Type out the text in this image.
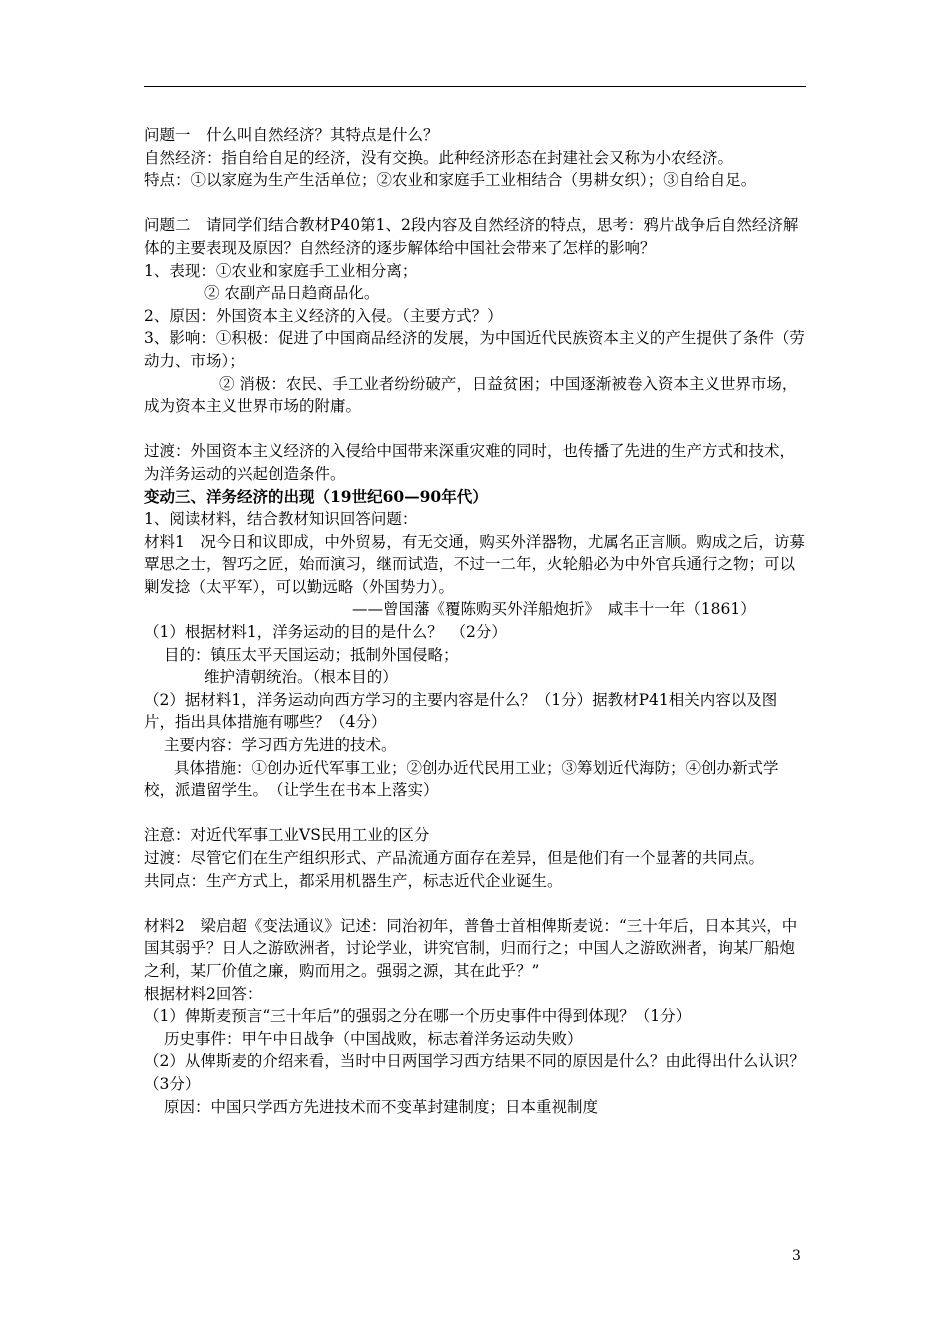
问题一　什么叫自然经济？其特点是什么？

自然经济：指自给自足的经济，没有交换。此种经济形态在封建社会又称为小农经济。

特点：①以家庭为生产生活单位；②农业和家庭手工业相结合（男耕女织）；③自给自足。

问题二　请同学们结合教材P40第1、2段内容及自然经济的特点，思考：鸦片战争后自然经济解体的主要表现及原因？自然经济的逐步解体给中国社会带来了怎样的影响？

1、表现：①农业和家庭手工业相分离；

② 农副产品日趋商品化。

2、原因：外国资本主义经济的入侵。（主要方式？）

3、影响：①积极：促进了中国商品经济的发展，为中国近代民族资本主义的产生提供了条件（劳动力、市场）；

② 消极：农民、手工业者纷纷破产，日益贫困；中国逐渐被卷入资本主义世界市场，成为资本主义世界市场的附庸。

过渡：外国资本主义经济的入侵给中国带来深重灾难的同时，也传播了先进的生产方式和技术，为洋务运动的兴起创造条件。

变动三、洋务经济的出现（19世纪60—90年代）

1、阅读材料，结合教材知识回答问题：

材料1　况今日和议即成，中外贸易，有无交通，购买外洋器物，尤属名正言顺。购成之后，访募覃思之士，智巧之匠，始而演习，继而试造，不过一二年，火轮船必为中外官兵通行之物；可以剿发捻（太平军），可以勤远略（外国势力）。

——曾国藩《覆陈购买外洋船炮折》　咸丰十一年（1861）

（1）根据材料1，洋务运动的目的是什么？　（2分）

目的：镇压太平天国运动；抵制外国侵略；

维护清朝统治。（根本目的）

（2）据材料1，洋务运动向西方学习的主要内容是什么？（1分）据教材P41相关内容以及图片，指出具体措施有哪些？（4分）

主要内容：学习西方先进的技术。

具体措施：①创办近代军事工业；②创办近代民用工业；③筹划近代海防；④创办新式学校，派遣留学生。　（让学生在书本上落实）

注意：对近代军事工业VS民用工业的区分

过渡：尽管它们在生产组织形式、产品流通方面存在差异，但是他们有一个显著的共同点。

共同点：生产方式上，都采用机器生产，标志近代企业诞生。

材料2　梁启超《变法通议》记述：同治初年，普鲁士首相俾斯麦说：“三十年后，日本其兴，中国其弱乎？日人之游欧洲者，讨论学业，讲究官制，归而行之；中国人之游欧洲者，询某厂船炮之利，某厂价值之廉，购而用之。强弱之源，其在此乎？”

根据材料2回答：

（1）俾斯麦预言“三十年后”的强弱之分在哪一个历史事件中得到体现？（1分）

历史事件：甲午中日战争（中国战败，标志着洋务运动失败）

（2）从俾斯麦的介绍来看，当时中日两国学习西方结果不同的原因是什么？由此得出什么认识？（3分）

原因：中国只学西方先进技术而不变革封建制度；日本重视制度

3
